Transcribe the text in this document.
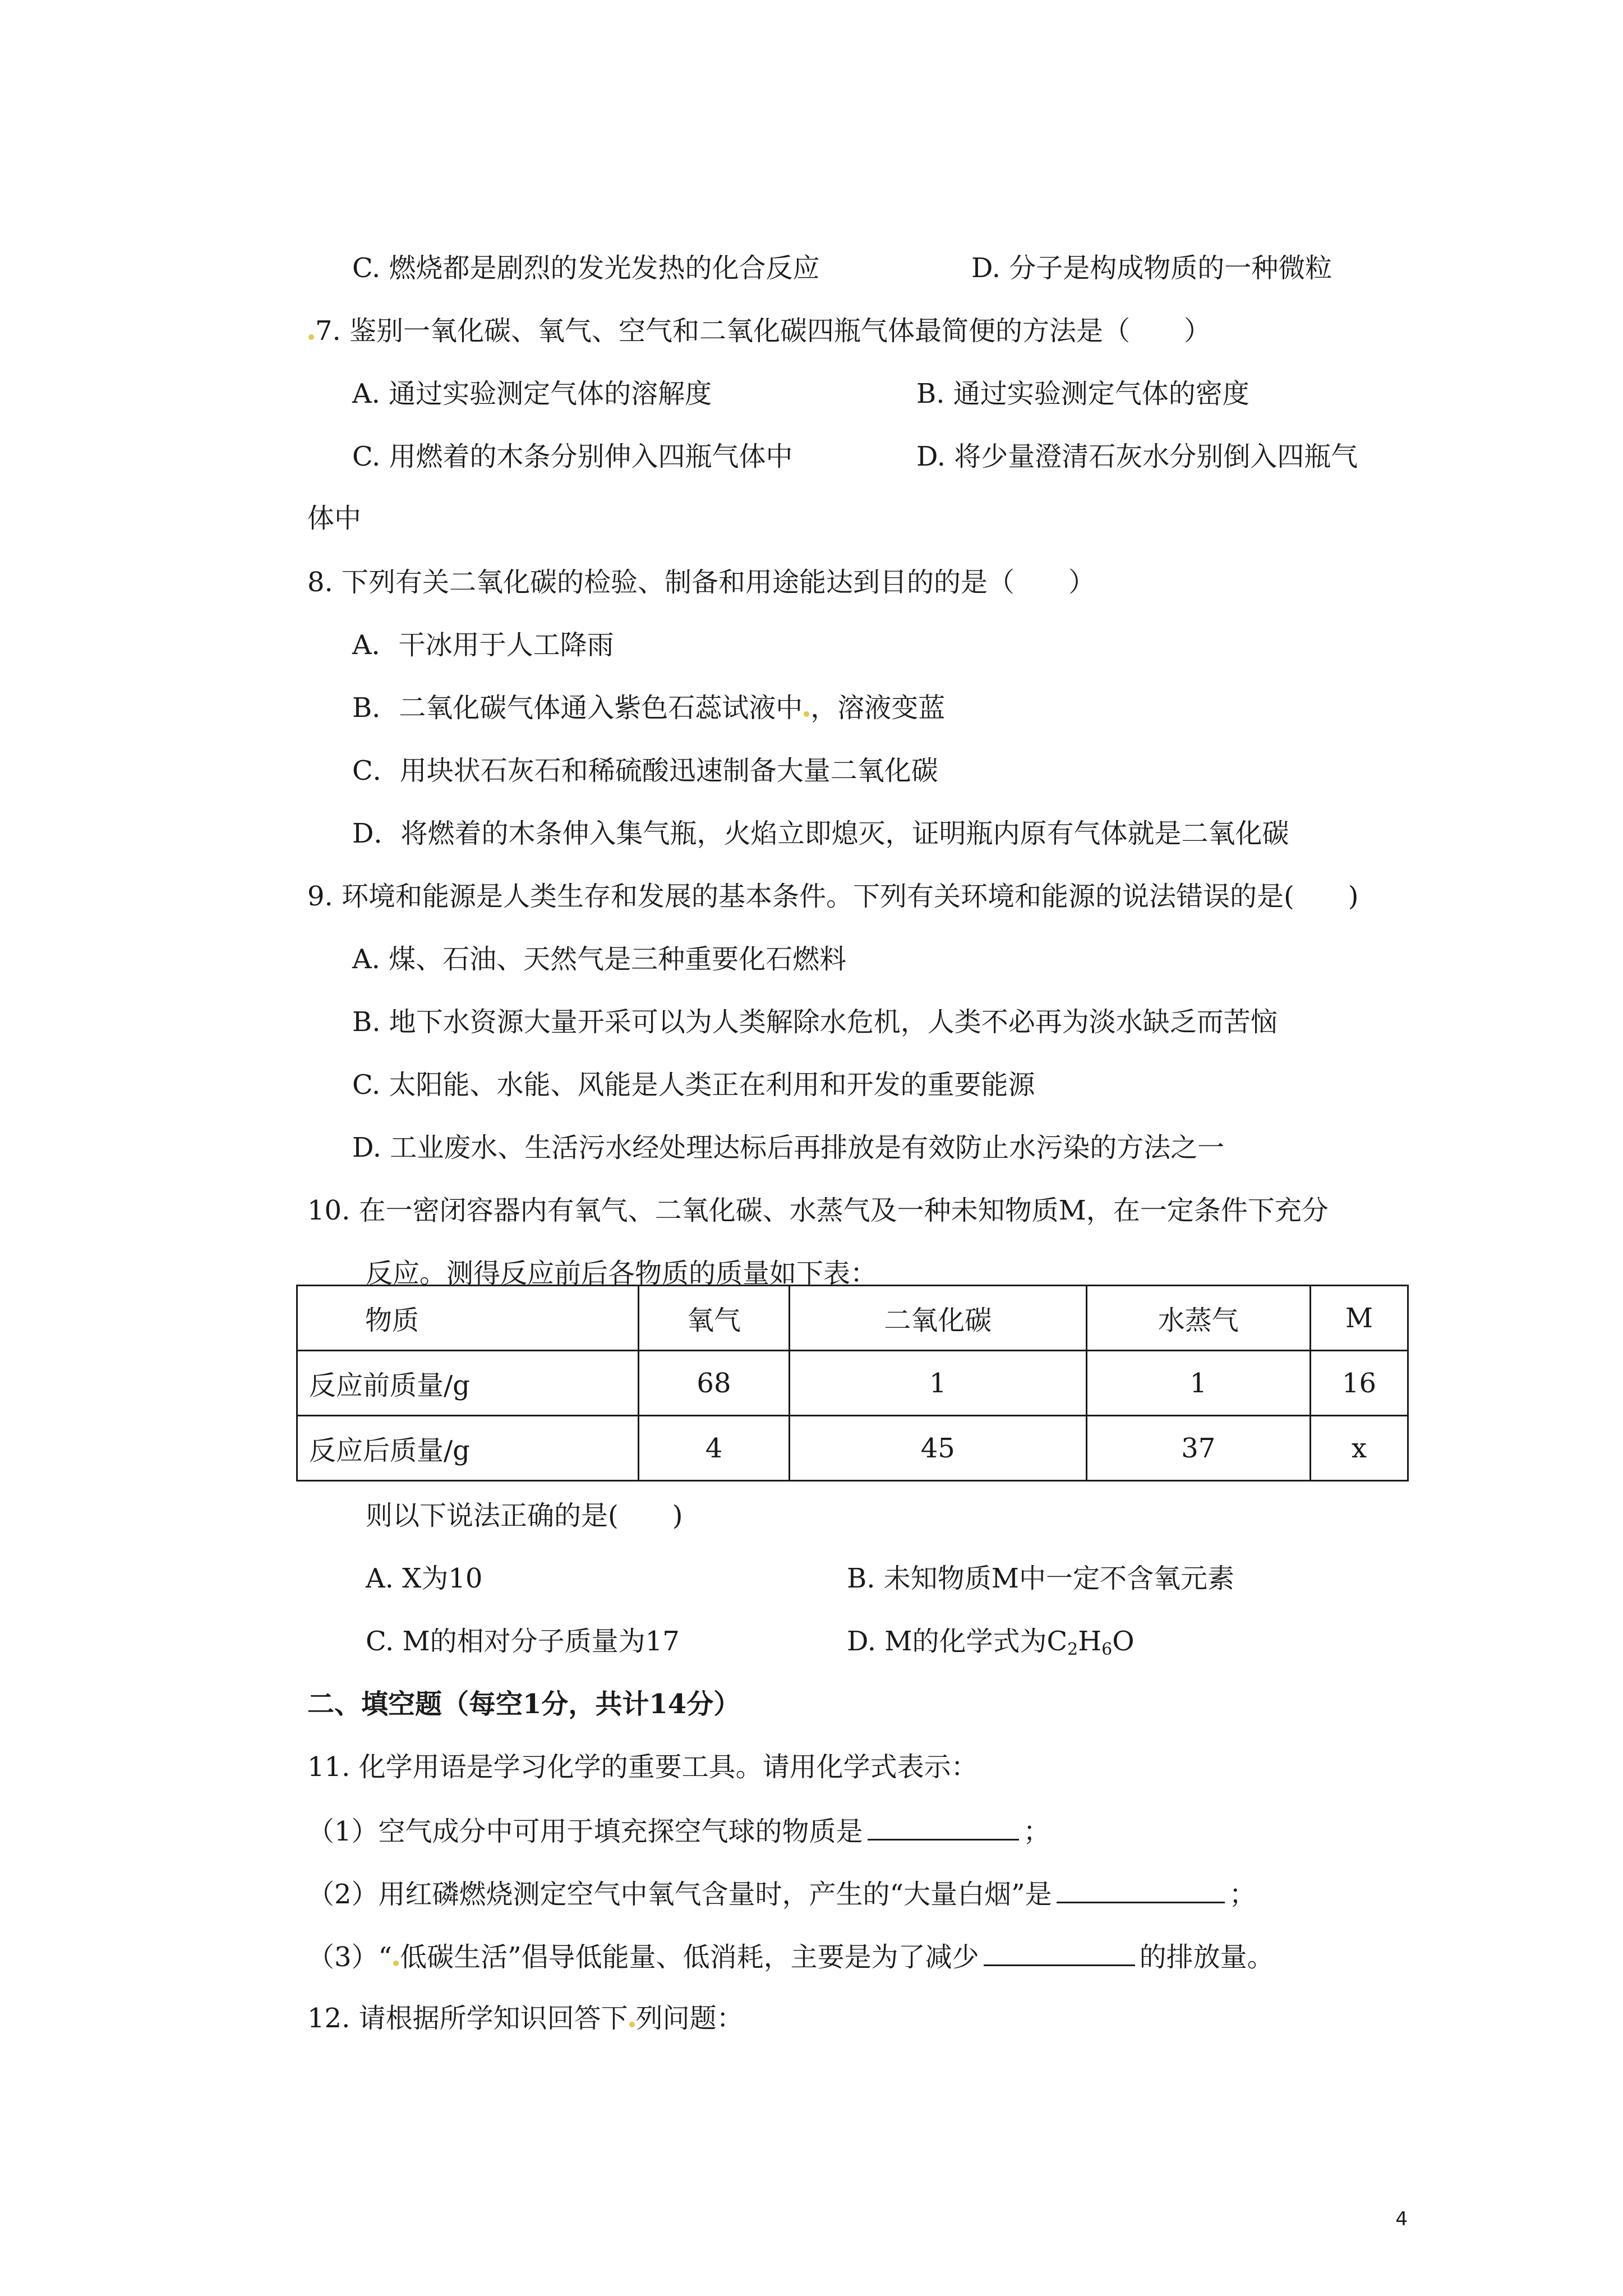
C. 燃烧都是剧烈的发光发热的化合反应	D. 分子是构成物质的一种微粒
7. 鉴别一氧化碳、氧气、空气和二氧化碳四瓶气体最简便的方法是（　　）
A. 通过实验测定气体的溶解度	B. 通过实验测定气体的密度
C. 用燃着的木条分别伸入四瓶气体中	D. 将少量澄清石灰水分别倒入四瓶气
体中
8. 下列有关二氧化碳的检验、制备和用途能达到目的的是（　　）
A．干冰用于人工降雨
B．二氧化碳气体通入紫色石蕊试液中 ，溶液变蓝
C．用块状石灰石和稀硫酸迅速制备大量二氧化碳
D．将燃着的木条伸入集气瓶，火焰立即熄灭，证明瓶内原有气体就是二氧化碳
9. 环境和能源是人类生存和发展的基本条件。下列有关环境和能源的说法错误的是(　　)
A. 煤、石油、天然气是三种重要化石燃料
B. 地下水资源大量开采可以为人类解除水危机，人类不必再为淡水缺乏而苦恼
C. 太阳能、水能、风能是人类正在利用和开发的重要能源
D. 工业废水、生活污水经处理达标后再排放是有效防止水污染的方法之一
10. 在一密闭容器内有氧气、二氧化碳、水蒸气及一种未知物质M，在一定条件下充分
反应。测得反应前后各物质的质量如下表：
物质	氧气	二氧化碳	水蒸气	M
反应前质量/g	68	1	1	16
反应后质量/g	4	45	37	x
则以下说法正确的是(　　)
A. X为10	B. 未知物质M中一定不含氧元素
C. M的相对分子质量为17	D. M的化学式为$C_2H_6O$
二、填空题（每空1分，共计14分）
11. 化学用语是学习化学的重要工具。请用化学式表示：
（1）空气成分中可用于填充探空气球的物质是	；
（2）用红磷燃烧测定空气中氧气含量时，产生的“大量白烟”是	；
（3）“ 低碳生活”倡导低能量、低消耗，主要是为了减少	的排放量。
12. 请根据所学知识回答下 列问题：
4
